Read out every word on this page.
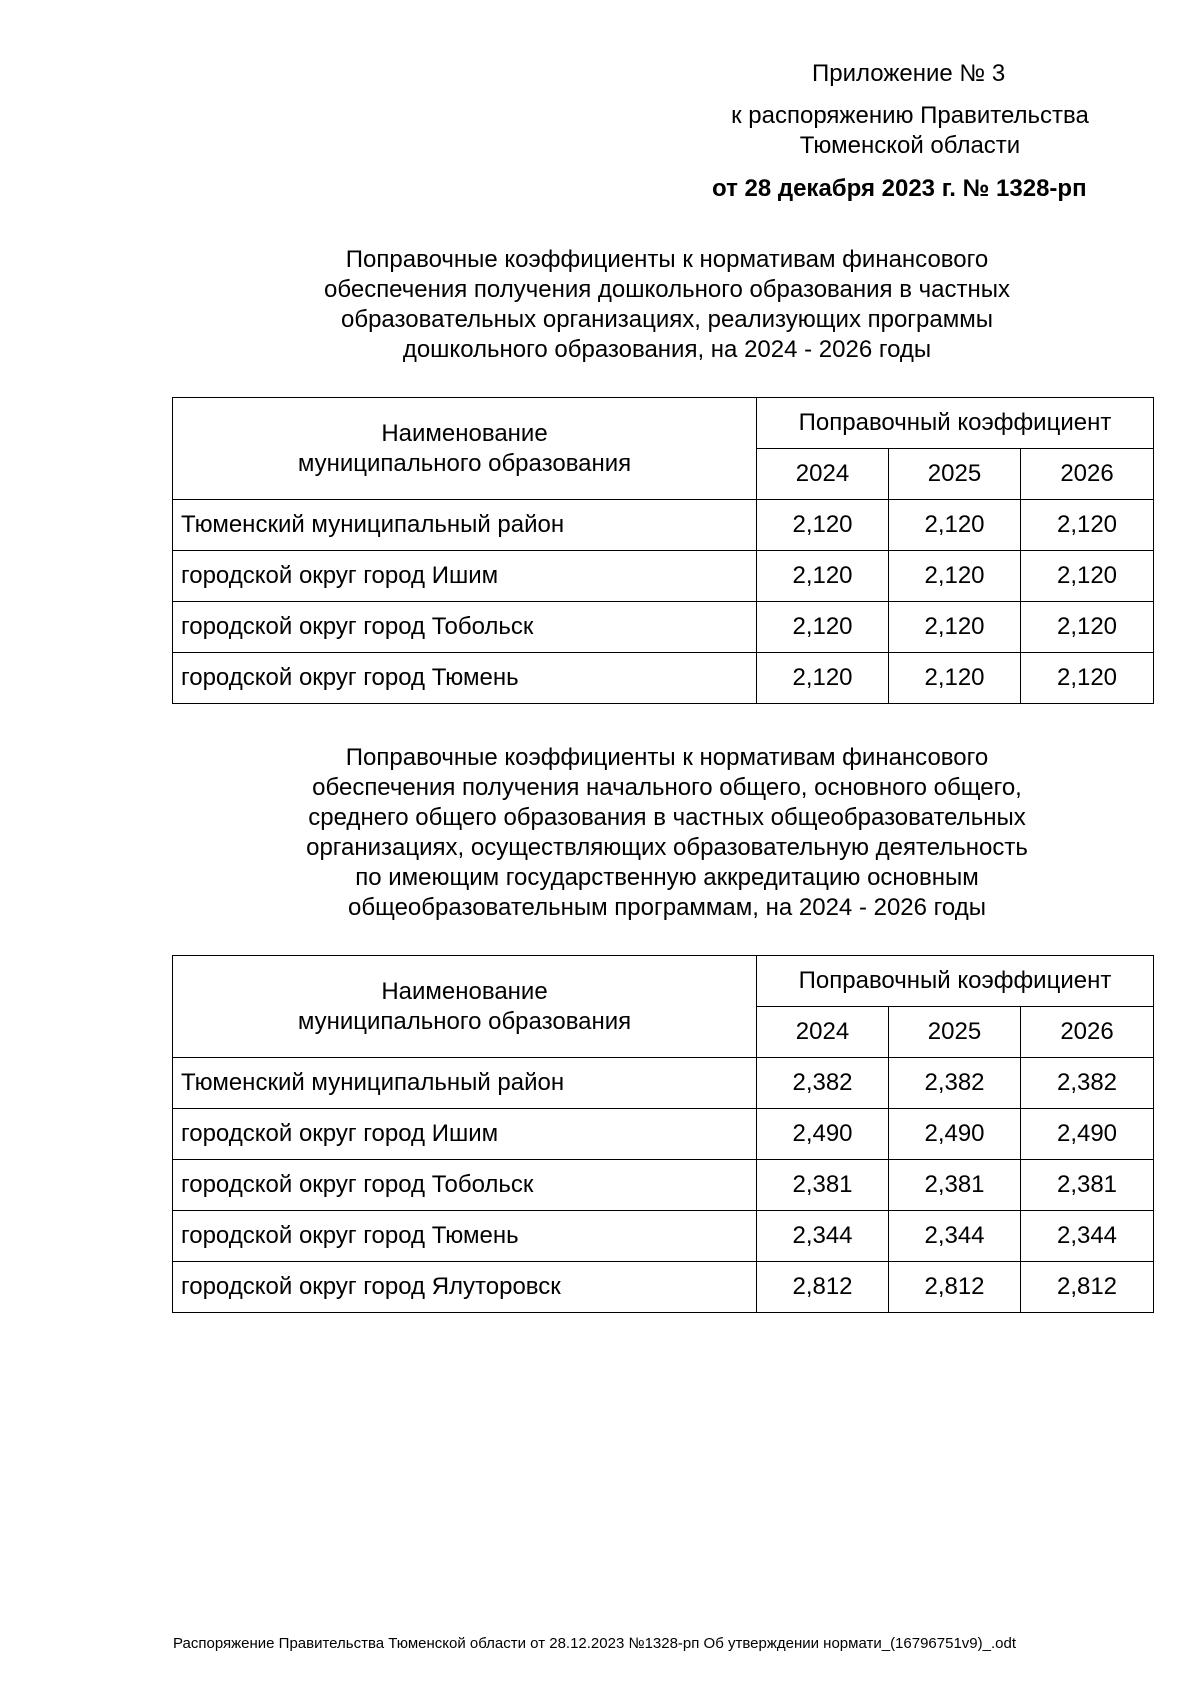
Приложение № 3
к распоряжению Правительства
Тюменской области
от 28 декабря 2023 г. № 1328-рп
Поправочные коэффициенты к нормативам финансового
обеспечения получения дошкольного образования в частных
образовательных организациях, реализующих программы
дошкольного образования, на 2024 - 2026 годы
Наименование
муниципального образования	Поправочный коэффициент		
	2024	2025	2026
Тюменский муниципальный район	2,120	2,120	2,120
городской округ город Ишим	2,120	2,120	2,120
городской округ город Тобольск	2,120	2,120	2,120
городской округ город Тюмень	2,120	2,120	2,120
Поправочные коэффициенты к нормативам финансового
обеспечения получения начального общего, основного общего,
среднего общего образования в частных общеобразовательных
организациях, осуществляющих образовательную деятельность
по имеющим государственную аккредитацию основным
общеобразовательным программам, на 2024 - 2026 годы
Наименование
муниципального образования	Поправочный коэффициент		
	2024	2025	2026
Тюменский муниципальный район	2,382	2,382	2,382
городской округ город Ишим	2,490	2,490	2,490
городской округ город Тобольск	2,381	2,381	2,381
городской округ город Тюмень	2,344	2,344	2,344
городской округ город Ялуторовск	2,812	2,812	2,812
Распоряжение Правительства Тюменской области от 28.12.2023 №1328-рп Об утверждении нормати_(16796751v9)_.odt
